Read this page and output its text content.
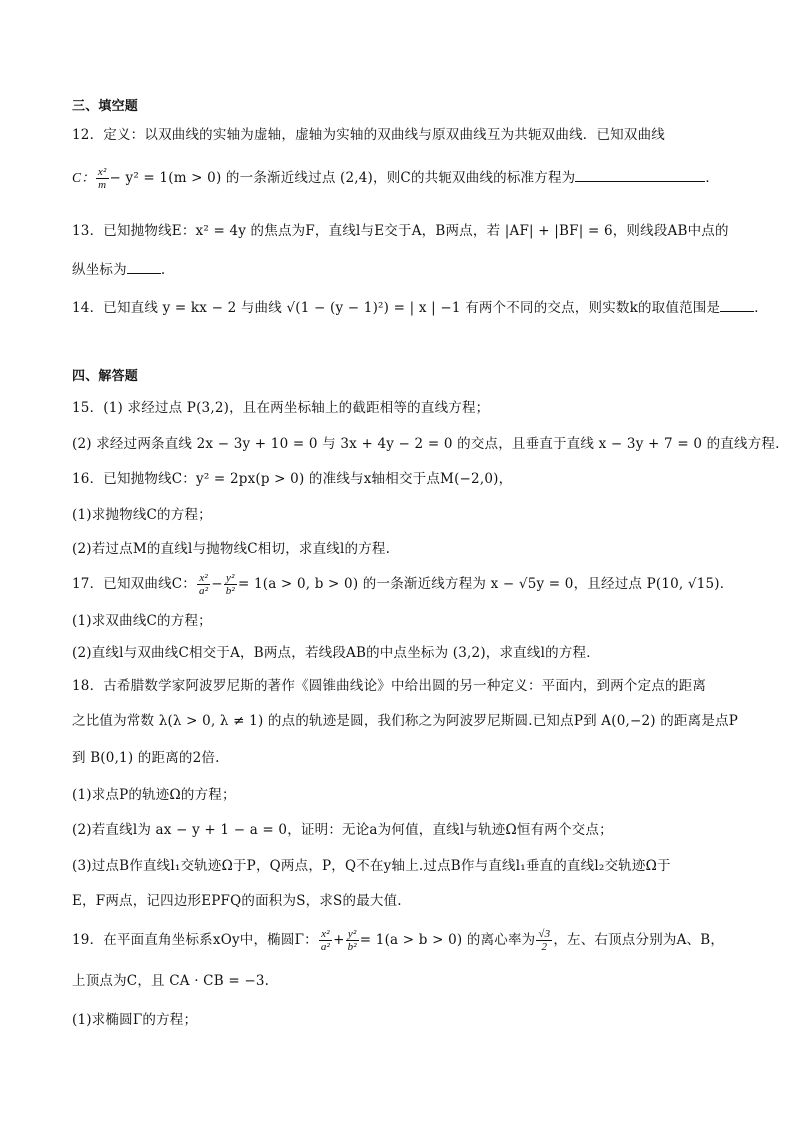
三、填空题
12．定义：以双曲线的实轴为虚轴，虚轴为实轴的双曲线与原双曲线互为共轭双曲线．已知双曲线
C： $\frac{\text{x²}}{m} - y^2 = 1(m > 0)$ 的一条渐近线过点 (2,4)，则C的共轭双曲线的标准方程为	．
13．已知抛物线E：x² = 4y 的焦点为F，直线l与E交于A，B两点，若 |AF| + |BF| = 6，则线段AB中点的
纵坐标为	.
14．已知直线 y = kx − 2 与曲线 √(1 − (y − 1)²) = | x | −1 有两个不同的交点，则实数k的取值范围是	．
四、解答题
15．(1) 求经过点 P(3,2)，且在两坐标轴上的截距相等的直线方程；
(2) 求经过两条直线 2x − 3y + 10 = 0 与 3x + 4y − 2 = 0 的交点，且垂直于直线 x − 3y + 7 = 0 的直线方程.
16．已知抛物线C：y² = 2px(p > 0) 的准线与x轴相交于点M(−2,0)，
(1)求抛物线C的方程；
(2)若过点M的直线l与抛物线C相切，求直线l的方程.
17．已知双曲线C： $\frac{\text{x²}}{\text{a²}} - \frac{\text{y²}}{\text{b²}} = 1(a > 0$, b > 0) 的一条渐近线方程为 x − √5y = 0，且经过点 P(10, √15)．
(1)求双曲线C的方程；
(2)直线l与双曲线C相交于A，B两点，若线段AB的中点坐标为 (3,2)，求直线l的方程．
18．古希腊数学家阿波罗尼斯的著作《圆锥曲线论》中给出圆的另一种定义：平面内，到两个定点的距离
之比值为常数 λ(λ > 0, λ ≠ 1) 的点的轨迹是圆，我们称之为阿波罗尼斯圆.已知点P到 A(0,−2) 的距离是点P
到 B(0,1) 的距离的2倍.
(1)求点P的轨迹Ω的方程；
(2)若直线l为 ax − y + 1 − a = 0，证明：无论a为何值，直线l与轨迹Ω恒有两个交点；
(3)过点B作直线l₁交轨迹Ω于P，Q两点，P，Q不在y轴上.过点B作与直线l₁垂直的直线l₂交轨迹Ω于
E，F两点，记四边形EPFQ的面积为S，求S的最大值.
19．在平面直角坐标系xOy中，椭圆Γ： $\frac{\text{x²}}{\text{a²}} + \frac{\text{y²}}{\text{b²}} = 1(a > b > 0)$ 的离心率为 $\frac{√3}{2}$ ，左、右顶点分别为A、B，
上顶点为C，且 CA · CB = −3.
(1)求椭圆Γ的方程；
